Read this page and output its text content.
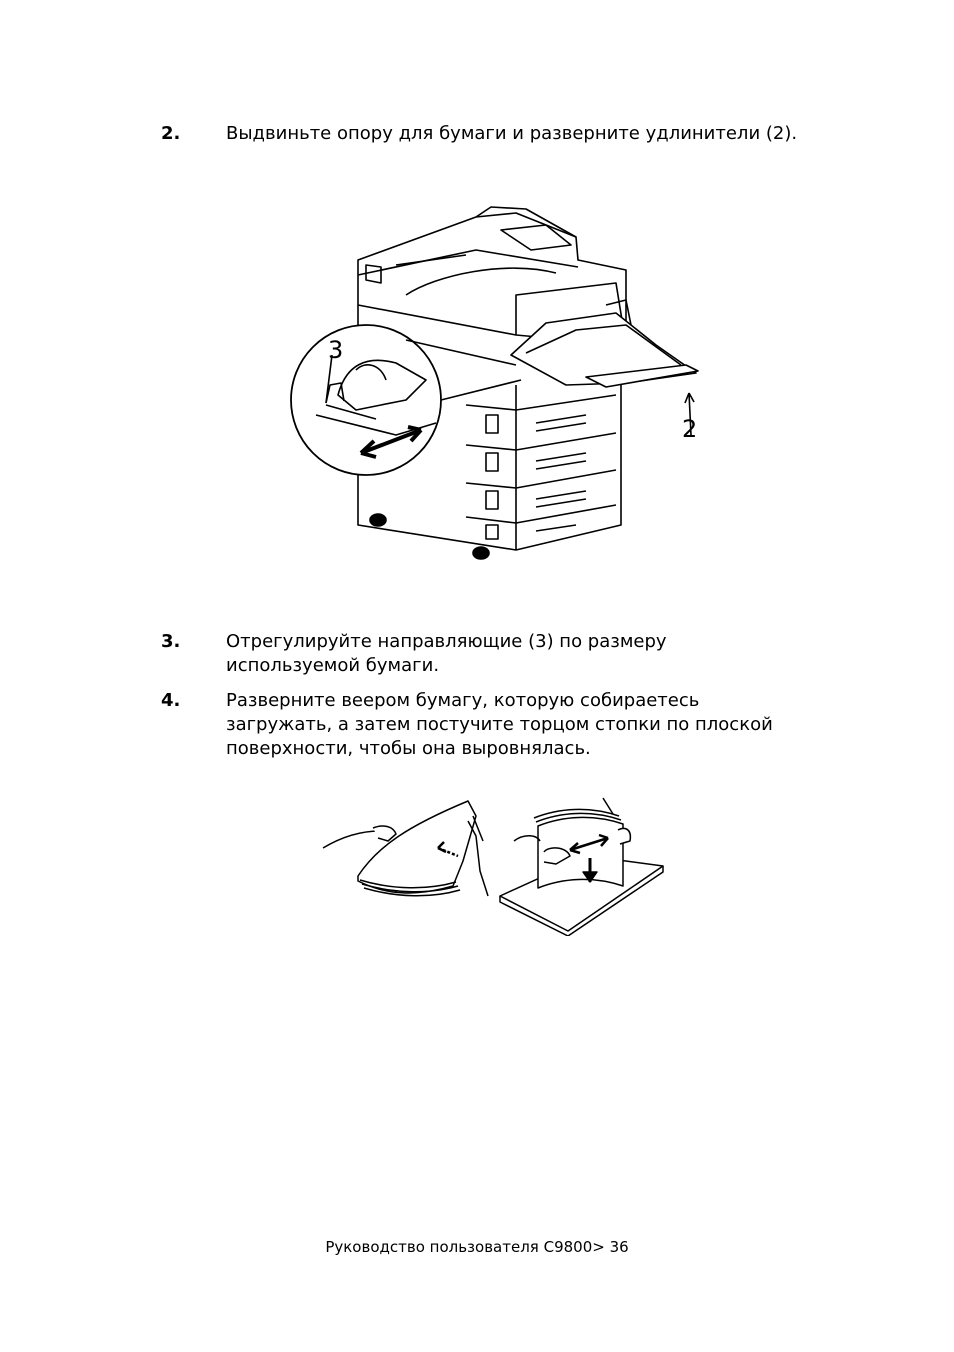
2.	Выдвиньте опору для бумаги и разверните удлинители (2).
3
2
3.	Отрегулируйте направляющие (3) по размеру
используемой бумаги.
4.	Разверните веером бумагу, которую собираетесь
загружать, а затем постучите торцом стопки по плоской
поверхности, чтобы она выровнялась.
Руководство пользователя C9800> 36
